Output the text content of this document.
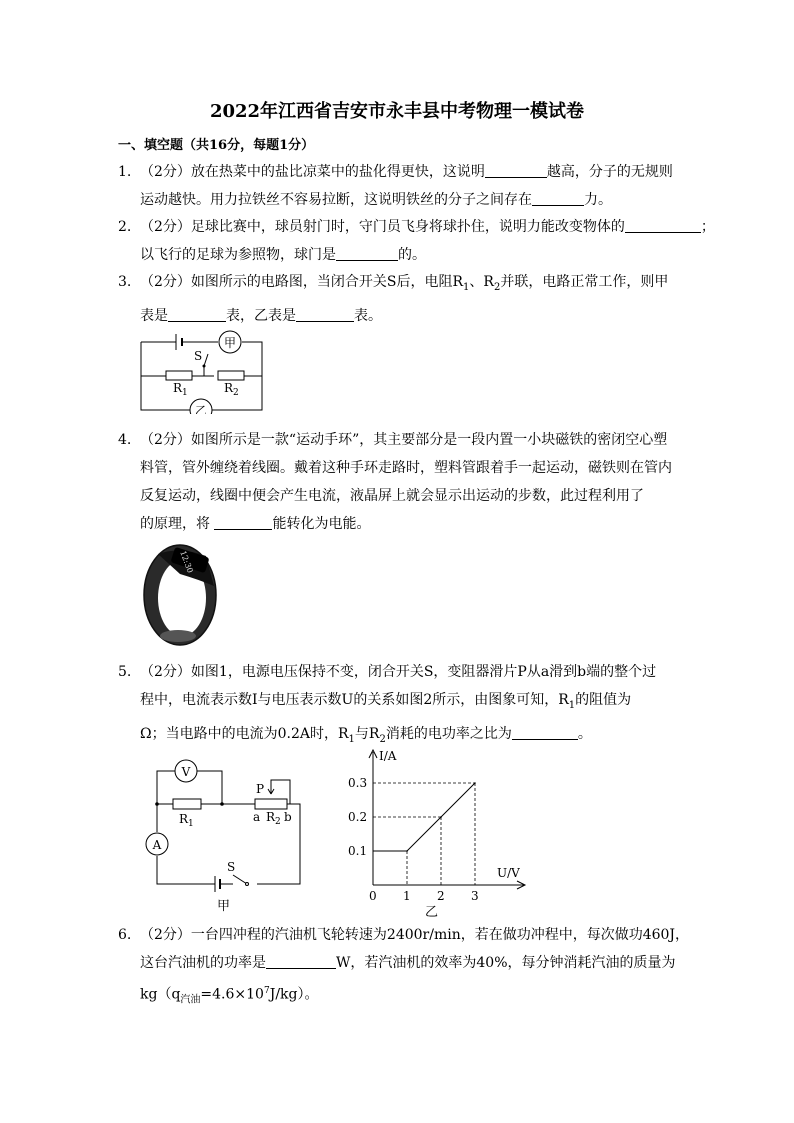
2022年江西省吉安市永丰县中考物理一模试卷
一、填空题（共16分，每题1分）
1. （2分）放在热菜中的盐比凉菜中的盐化得更快，这说明	越高，分子的无规则
运动越快。用力拉铁丝不容易拉断，这说明铁丝的分子之间存在	力。
2. （2分）足球比赛中，球员射门时，守门员飞身将球扑住，说明力能改变物体的	；
以飞行的足球为参照物，球门是	的。
3. （2分）如图所示的电路图，当闭合开关S后，电阻$R_1$、$R_2$并联，电路正常工作，则甲
表是	表，乙表是	表。
甲
乙
S
$R_1$	$R_2$
4. （2分）如图所示是一款“运动手环”，其主要部分是一段内置一小块磁铁的密闭空心塑
料管，管外缠绕着线圈。戴着这种手环走路时，塑料管跟着手一起运动，磁铁则在管内
反复运动，线圈中便会产生电流，液晶屏上就会显示出运动的步数，此过程利用了
的原理，将	能转化为电能。
12:30
5. （2分）如图1，电源电压保持不变，闭合开关S，变阻器滑片P从a滑到b端的整个过
程中，电流表示数I与电压表示数U的关系如图2所示，由图象可知，$R_1$的阻值为
Ω；当电路中的电流为0.2A时，$R_1$与$R_2$消耗的电功率之比为	。
V
A
P
$R_1$	a $R_2$ b
S
甲
0 1 2 3
0.1
0.2
0.3
I/A
U/V
乙
6. （2分）一台四冲程的汽油机飞轮转速为2400r/min，若在做功冲程中，每次做功460J，
这台汽油机的功率是	W，若汽油机的效率为40%，每分钟消耗汽油的质量为
$kg(q_{汽油}=4.6\times 10^7J/kg)$。
